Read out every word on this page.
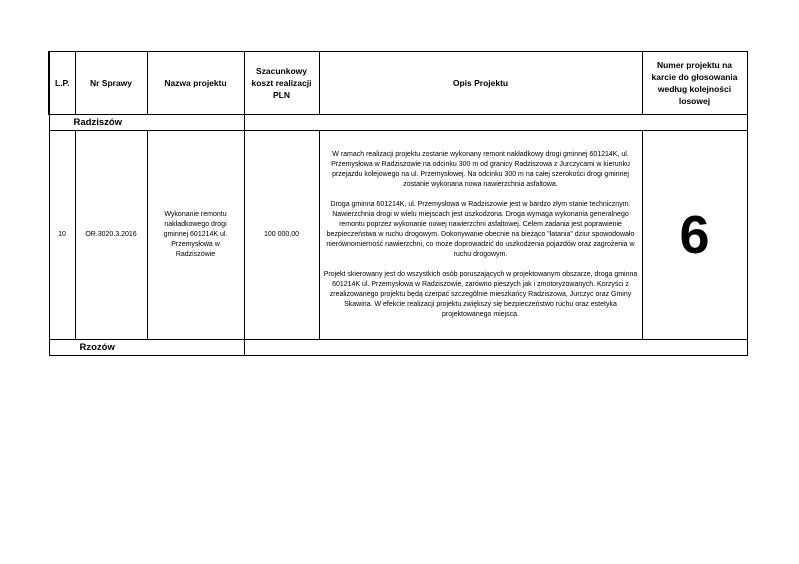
L.P.	Nr Sprawy	Nazwa projektu	Szacunkowy koszt realizacji PLN	Opis Projektu	Numer projektu na karcie do głosowania według kolejności losowej
Radziszów					
10	OR.3020.3.2016	Wykonanie remontu nakładkowego drogi gminnej 601214K ul. Przemysłowa w Radziszowie	100 000,00	W ramach realizacji projektu zostanie wykonany remont nakładkowy drogi gminnej 601214K, ul. Przemysłowa w Radziszowie na odcinku 300 m od granicy Radziszowa z Jurczycami w kierunku przejazdu kolejowego na ul. Przemysłowej. Na odcinku 300 m na całej szerokości drogi gminnej zostanie wykonana nowa nawierzchnia asfaltowa.

Droga gminna 601214K, ul. Przemysłowa w Radziszowie jest w bardzo złym stanie technicznym. Nawierzchnia drogi w wielu miejscach jest uszkodzona. Droga wymaga wykonania generalnego remontu poprzez wykonanie nowej nawierzchni asfaltowej. Celem zadania jest poprawienie bezpieczeństwa w ruchu drogowym. Dokonywanie obecnie na bieżąco "łatania" dziur spowodowało nierównomierność nawierzchni, co może doprowadzić do uszkodzenia pojazdów oraz zagrożenia w ruchu drogowym.

Projekt skierowany jest do wszystkich osób poruszających w projektowanym obszarze, droga gminna 601214K ul. Przemysłowa w Radziszowie, zarówno pieszych jak i zmotoryzowanych. Korzyści z zrealizowanego projektu będą czerpać szczególnie mieszkańcy Radziszowa, Jurczyc oraz Gminy Skawina. W efekcie realizacji projektu zwiększy się bezpieczeństwo ruchu oraz estetyka projektowanego miejsca.	6
Rzozów					
